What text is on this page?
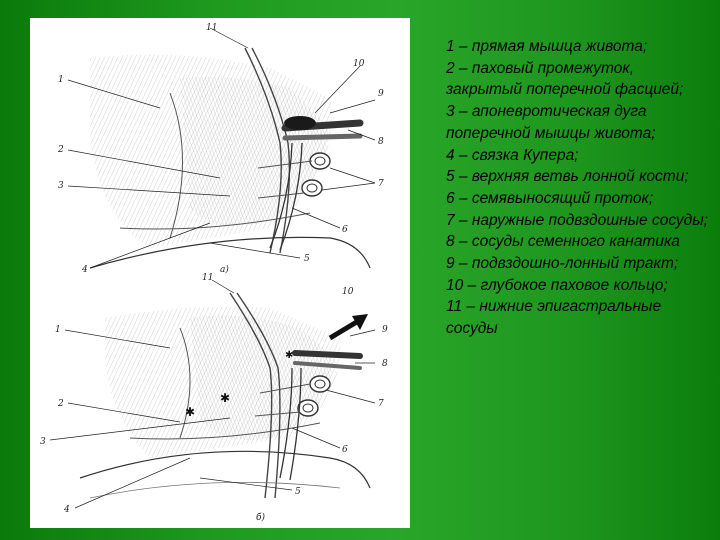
11
10
9
8
7
1
2
3
4
5
6
а)
✱
✱
✱
11
10
9
8
7
1
2
3
4
5
6
б)
1 – прямая мышца живота;
2 – паховый промежуток, закрытый поперечной фасцией;
3 – апоневротическая дуга поперечной мышцы живота;
4 – связка Купера;
5 – верхняя ветвь лонной кости;
6 – семявыносящий проток;
7 – наружные подвздошные сосуды;
8 – сосуды семенного канатика
9 – подвздошно-лонный тракт;
10 – глубокое паховое кольцо;
11 – нижние эпигастральные сосуды
